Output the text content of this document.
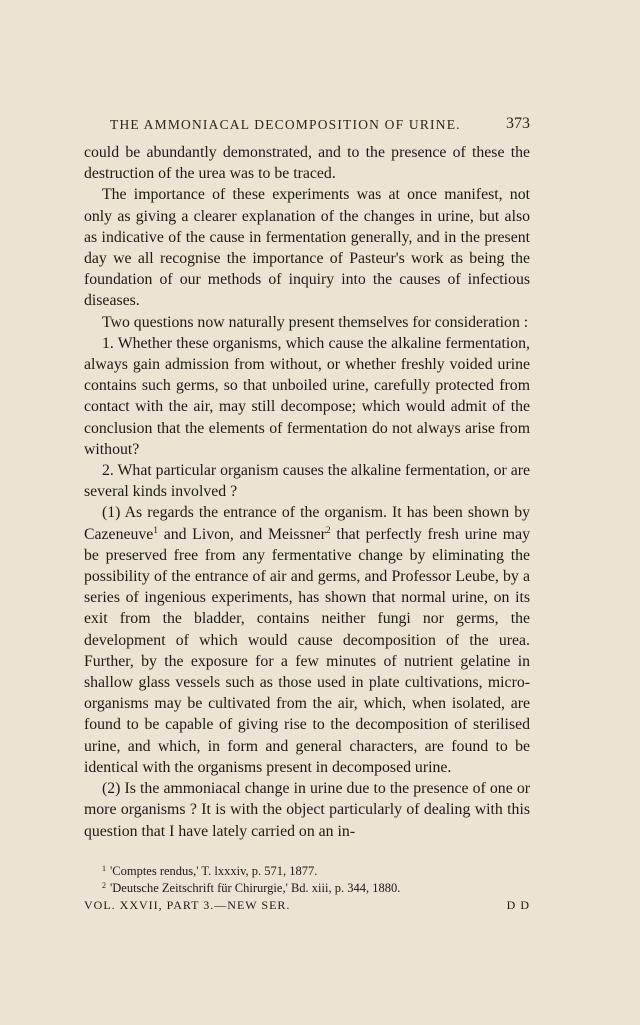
THE AMMONIACAL DECOMPOSITION OF URINE.	373

could be abundantly demonstrated, and to the presence of these the destruction of the urea was to be traced.

The importance of these experiments was at once manifest, not only as giving a clearer explanation of the changes in urine, but also as indicative of the cause in fermentation generally, and in the present day we all recognise the importance of Pasteur's work as being the foundation of our methods of inquiry into the causes of infectious diseases.

Two questions now naturally present themselves for consideration :

1. Whether these organisms, which cause the alkaline fermentation, always gain admission from without, or whether freshly voided urine contains such germs, so that unboiled urine, carefully protected from contact with the air, may still decompose; which would admit of the conclusion that the elements of fermentation do not always arise from without?

2. What particular organism causes the alkaline fermentation, or are several kinds involved ?

(1) As regards the entrance of the organism. It has been shown by Cazeneuve$^1$ and Livon, and Meissner$^2$ that perfectly fresh urine may be preserved free from any fermentative change by eliminating the possibility of the entrance of air and germs, and Professor Leube, by a series of ingenious experiments, has shown that normal urine, on its exit from the bladder, contains neither fungi nor germs, the development of which would cause decomposition of the urea. Further, by the exposure for a few minutes of nutrient gelatine in shallow glass vessels such as those used in plate cultivations, micro-organisms may be cultivated from the air, which, when isolated, are found to be capable of giving rise to the decomposition of sterilised urine, and which, in form and general characters, are found to be identical with the organisms present in decomposed urine.

(2) Is the ammoniacal change in urine due to the presence of one or more organisms ? It is with the object particularly of dealing with this question that I have lately carried on an in-

$^1$ 'Comptes rendus,' T. lxxxiv, p. 571, 1877.

$^2$ 'Deutsche Zeitschrift für Chirurgie,' Bd. xiii, p. 344, 1880.

VOL. XXVII, PART 3.—NEW SER.	D D
